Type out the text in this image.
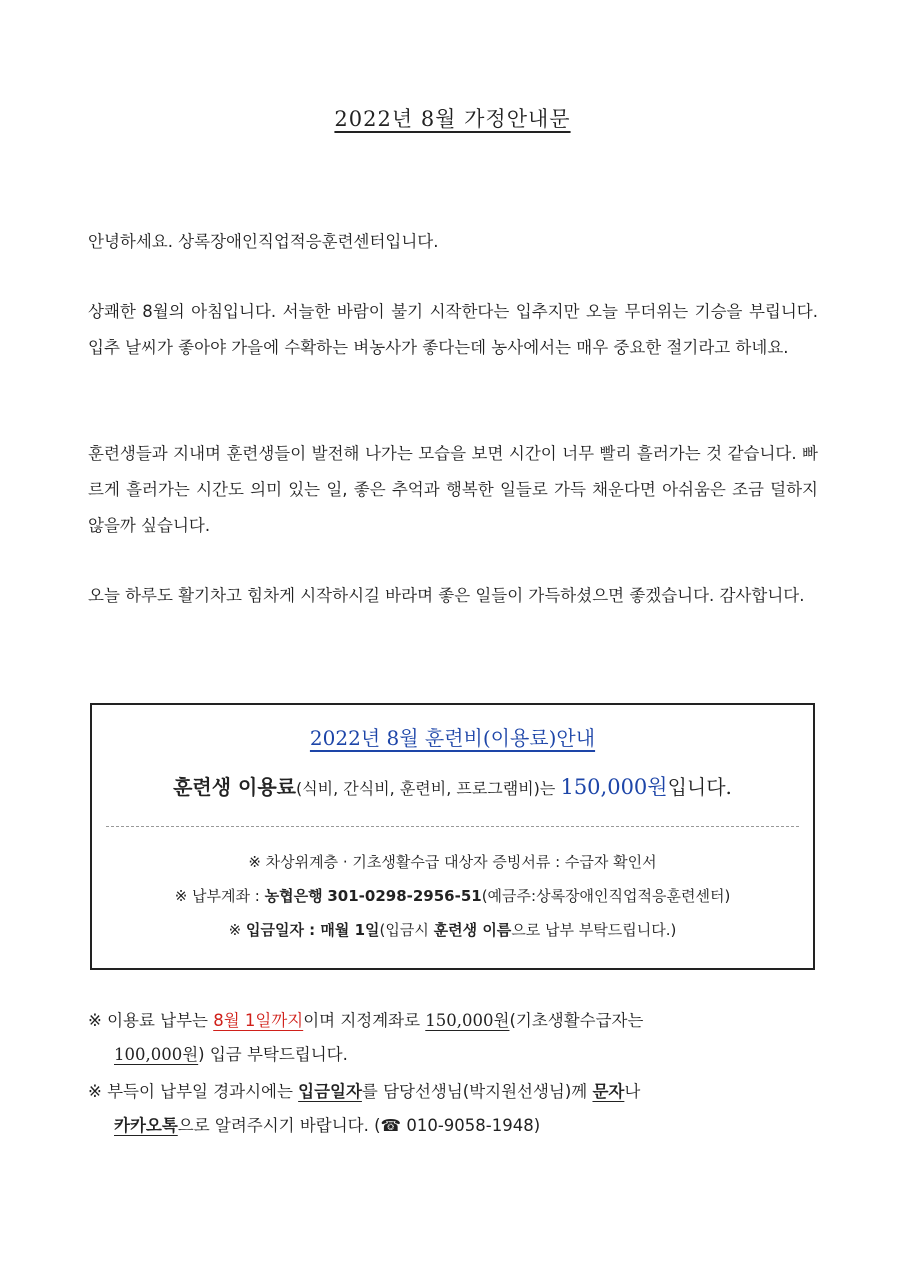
2022년 8월 가정안내문

안녕하세요. 상록장애인직업적응훈련센터입니다.

상쾌한 8월의 아침입니다. 서늘한 바람이 불기 시작한다는 입추지만 오늘 무더위는 기승을 부립니다. 입추 날씨가 좋아야 가을에 수확하는 벼농사가 좋다는데 농사에서는 매우 중요한 절기라고 하네요.

훈련생들과 지내며 훈련생들이 발전해 나가는 모습을 보면 시간이 너무 빨리 흘러가는 것 같습니다. 빠르게 흘러가는 시간도 의미 있는 일, 좋은 추억과 행복한 일들로 가득 채운다면 아쉬움은 조금 덜하지 않을까 싶습니다.

오늘 하루도 활기차고 힘차게 시작하시길 바라며 좋은 일들이 가득하셨으면 좋겠습니다. 감사합니다.

2022년 8월 훈련비(이용료)안내
훈련생 이용료(식비, 간식비, 훈련비, 프로그램비)는 150,000원입니다.
※ 차상위계층 · 기초생활수급 대상자 증빙서류 : 수급자 확인서
※ 납부계좌 : 농협은행 301-0298-2956-51(예금주:상록장애인직업적응훈련센터)
※ 입금일자 : 매월 1일(입금시 훈련생 이름으로 납부 부탁드립니다.)
※ 이용료 납부는 8월 1일까지이며 지정계좌로 150,000원(기초생활수급자는
100,000원) 입금 부탁드립니다.
※ 부득이 납부일 경과시에는 입금일자를 담당선생님(박지원선생님)께 문자나
카카오톡으로 알려주시기 바랍니다. (☎ 010-9058-1948)
